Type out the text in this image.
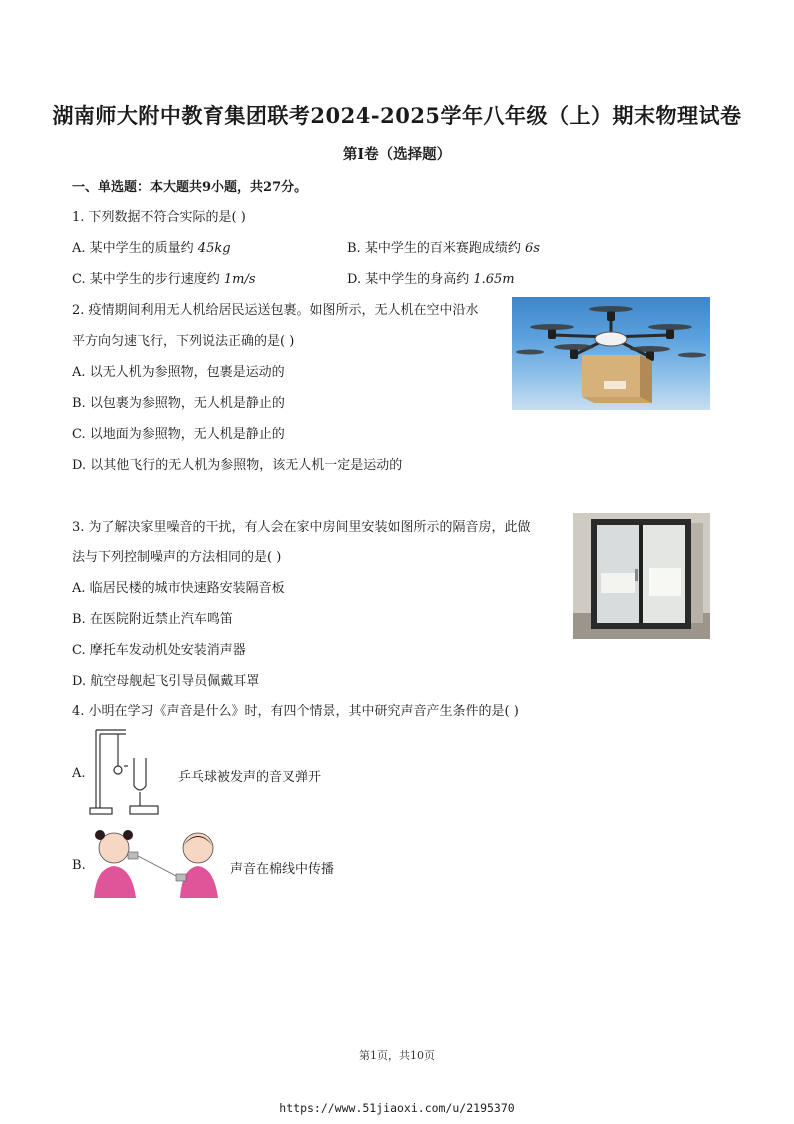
湖南师大附中教育集团联考2024-2025学年八年级（上）期末物理试卷
第I卷（选择题）
一、单选题：本大题共9小题，共27分。
1. 下列数据不符合实际的是( )
A. 某中学生的质量约 45kg	B. 某中学生的百米赛跑成绩约 6s
C. 某中学生的步行速度约 1m/s	D. 某中学生的身高约 1.65m
2. 疫情期间利用无人机给居民运送包裹。如图所示，无人机在空中沿水
平方向匀速飞行，下列说法正确的是( )
A. 以无人机为参照物，包裹是运动的
B. 以包裹为参照物，无人机是静止的
C. 以地面为参照物，无人机是静止的
D. 以其他飞行的无人机为参照物，该无人机一定是运动的
3. 为了解决家里噪音的干扰，有人会在家中房间里安装如图所示的隔音房，此做
法与下列控制噪声的方法相同的是( )
A. 临居民楼的城市快速路安装隔音板
B. 在医院附近禁止汽车鸣笛
C. 摩托车发动机处安装消声器
D. 航空母舰起飞引导员佩戴耳罩
4. 小明在学习《声音是什么》时，有四个情景，其中研究声音产生条件的是( )
A.	乒乓球被发声的音叉弹开
B.	声音在棉线中传播
第1页，共10页
https://www.51jiaoxi.com/u/2195370
